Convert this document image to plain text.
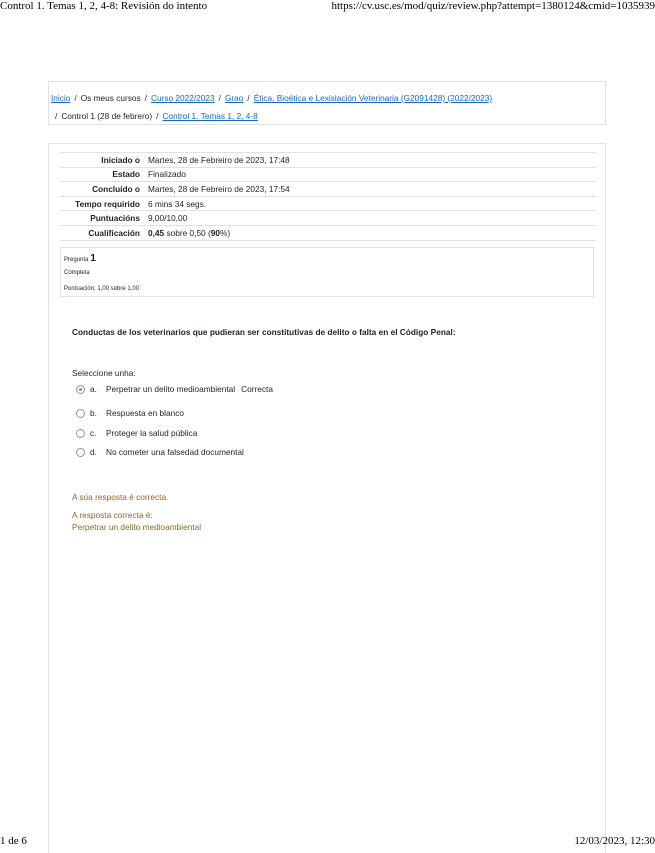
Control 1. Temas 1, 2, 4-8: Revisión do intento	https://cv.usc.es/mod/quiz/review.php?attempt=1380124&cmid=1035939
Inicio / Os meus cursos / Curso 2022/2023 / Grao / Ética, Bioética e Lexislación Veterinaria (G2091428) (2022/2023)
/ Control 1 (28 de febrero) / Control 1. Temas 1, 2, 4-8
Iniciado o	Martes, 28 de Febreiro de 2023, 17:48
Estado	Finalizado
Concluído o	Martes, 28 de Febreiro de 2023, 17:54
Tempo requirido	6 mins 34 segs.
Puntuacións	9,00/10,00
Cualificación	0,45 sobre 0,50 (90%)
Pregunta 1
Completa
Puntuación: 1,00 sobre 1,00
Conductas de los veterinarios que pudieran ser constitutivas de delito o falta en el Código Penal:
Seleccione unha:
a.	Perpetrar un delito medioambiental Correcta
b.	Respuesta en blanco
c.	Proteger la salud pública
d.	No cometer una falsedad documental
A súa resposta é correcta.
A resposta correcta é:
Perpetrar un delito medioambiental
1 de 6	12/03/2023, 12:30
